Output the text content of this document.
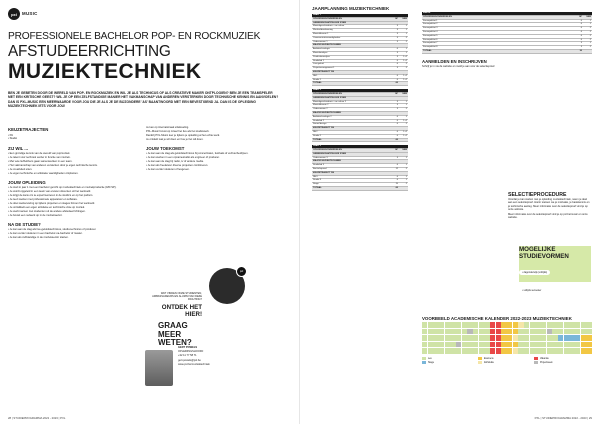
pxl	MUSIC
PROFESSIONELE BACHELOR POP- EN ROCKMUZIEK
AFSTUDEERRICHTING
MUZIEKTECHNIEK
BEN JE GEBETEN DOOR DE WERELD VAN POP- EN ROCKMUZIEK EN WIL JE ALS TECHNICUS OF ALS CREATIEVE MAKER ONTPLOOIEN? BEN JE EEN TEAMSPELER MET EEN KRITISCHE GEEST? WIL JE OP EEN ZELFSTANDIGE MANIER HET VAKMANSCHAP VAN ANDEREN VERSTERKEN DOOR TECHNISCHE KENNIS EN AANVOELEN? DAN IS PXL-MUSIC EEN MEERWAARDE VOOR JOU DIE JE ALS JE DE BIJZONDERE 'AS' BAANTWOORD MET EEN BEVESTIGEND JA. DAN IS DE OPLEIDING MUZIEKTECHNIEK IETS VOOR JOU!
KEUZETRAJECTEN

• PA

• Studio

ZIJ WIL ...

• Een grondige kennis van de wereld van popmuziek.

• Je talent voor techniek verder in functie van muziek.

• Met vele liefhebbers gaan samenwerken in een team.

• Het vakmanschap van anderen versterken door je eigen technische kennis.

• Je creativiteit uiten.

• Je eigen technische en artistieke vaardigheden ontplooien.

JOUW OPLEIDING

• Je start in jaar 1 met een bachelor gericht op muziektechniek en muziekproductie (180 SP).

• Je wordt opgeleid in een team van ervaren docenten uit het werkveld.

• Je krijgt de kans om te experimenteren in de studio's en op het podium.

• Je leert werken met professionele apparatuur en software.

• Je doet werkervaring op tijdens projecten en stages binnen het werkveld.

• Je ontwikkelt een eigen artistieke en technische visie op muziek.

• Je werkt samen met studenten uit de andere afstudeerrichtingen.

• Je bouwt een netwerk op in de muzieksector.

NA DE STUDIE?

• Je kan aan de slag als live-geluidstechnicus, studio-technicus of producer.

• Je kan verder studeren in een bachelor-na-bachelor of master.

• Je kan als zelfstandige in de muzieksector starten.

Je kan op internationaal uitwisseling.

PXL-Music focust op zowel het live als het studiowerk.

Dankzij PXL-Music leer je tijdens je opleiding al het echte werk.

Je ontdekt wat je wil doen en hoe je het wil doen.

JOUW TOEKOMST

• Je kan aan de slag als geluidstechnicus bij concertzalen, festivals of verhuurbedrijven.

• Je kan werken in een opnamestudio als engineer of producer.

• Je kan aan de slag bij radio, tv of andere media.

• Je kan als freelancer diverse projecten combineren.

• Je kan verder studeren of lesgeven.

WAT VINDEN ONZE STUDENTEN, AMBASSADEURS EN ALUMNI VAN DEZE RICHTING?
ONTDEK HET HIER!
pxl
GRAAG MEER WETEN?

GERT POWELS

OPLEIDINGSHOOFD

+32 11 77 58 71

gert.powels@pxl.be

www.pxl.be/muziektechniek

28 | STUDIEPROGRAMMA 2022 - 2023 | PXL
JAARPLANNING MUZIEKTECHNIEK
JAAR 1		
OPLEIDINGSONDERDELEN	SP	SEM
GEMEENSCHAPPELIJKE STAM		
Muziekgeschiedenis - en cultuur	3	1
Werkveldverkenning	3	1
Muziektheorie 1	3	1
Communicatievaardigheden	3	2
Ondernemen 1	3	2
MAJOR MUZIEKTECHNIEK		
Audiotechnologie	6	1
Muziekanalyse	3	1
Productieanalyse	3	1+2
Studiolab 1	6	1+2
Live-geluid	6	2
Projectmanagement 1	3	2
KEUZETRAJECT PA		
PA 1	6	1+2
Studio 1	6	1+2
TOTAAL	60	
JAAR 2		
OPLEIDINGSONDERDELEN	SP	SEM
GEMEENSCHAPPELIJKE STAM		
Muziekgeschiedenis - en cultuur 2	3	1
Muziektheorie 2	3	1
Ondernemen 2	3	2
MAJOR MUZIEKTECHNIEK		
Audiotechnologie 2	6	1
Studiolab 2	6	1+2
Sound design	6	2
KEUZETRAJECT PA		
PA 2	6	1+2
Studio 2	6	1+2
TOTAAL	60	
JAAR 3		
OPLEIDINGSONDERDELEN	SP	SEM
GEMEENSCHAPPELIJKE STAM		
Ondernemen 3	3	1
MAJOR MUZIEKTECHNIEK		
Studiolab 3	6	1
Bachelorproef	12	2
KEUZETRAJECT PA		
PA 3	6	1
Studio 3	6	1
Stage	15	2
TOTAAL	60	
MINOR		
OPLEIDINGSONDERDELEN	SP	SEM
Keuzepakket 1	6	1
Keuzepakket 2	6	1
Keuzepakket 3	6	2
Keuzepakket 4	6	2
Keuzepakket 5	6	2
Keuzepakket 6	6	2
Keuzepakket 7	3	1
Keuzepakket 8	3	2
TOTAAL	30	
AANMELDEN EN INSCHRIJVEN
Schrijf je in via de website en meld je aan voor de selectieproef.
SELECTIEPROCEDURE
Voordat je kan starten met je opleiding muziektechniek, neem je deel aan een selectieproef. Hierin toetsen we je motivatie, je basiskennis en je technische aanleg. Meer informatie over de selectieproef vind je op onze website.
Meer informatie over de selectieproef vind je op pxl.be/music en onze website.
MOGELIJKE STUDIEVORMEN
• dagonderwijs (voltijds)
• voltijds semester
VOORBEELD ACADEMISCHE KALENDER 2022-2023 MUZIEKTECHNIEK
Les	Examens	Vakantie
Stage	Zelfstudie	Projectweek
PXL | STUDIEPROGRAMMA 2022 - 2023 | 29
